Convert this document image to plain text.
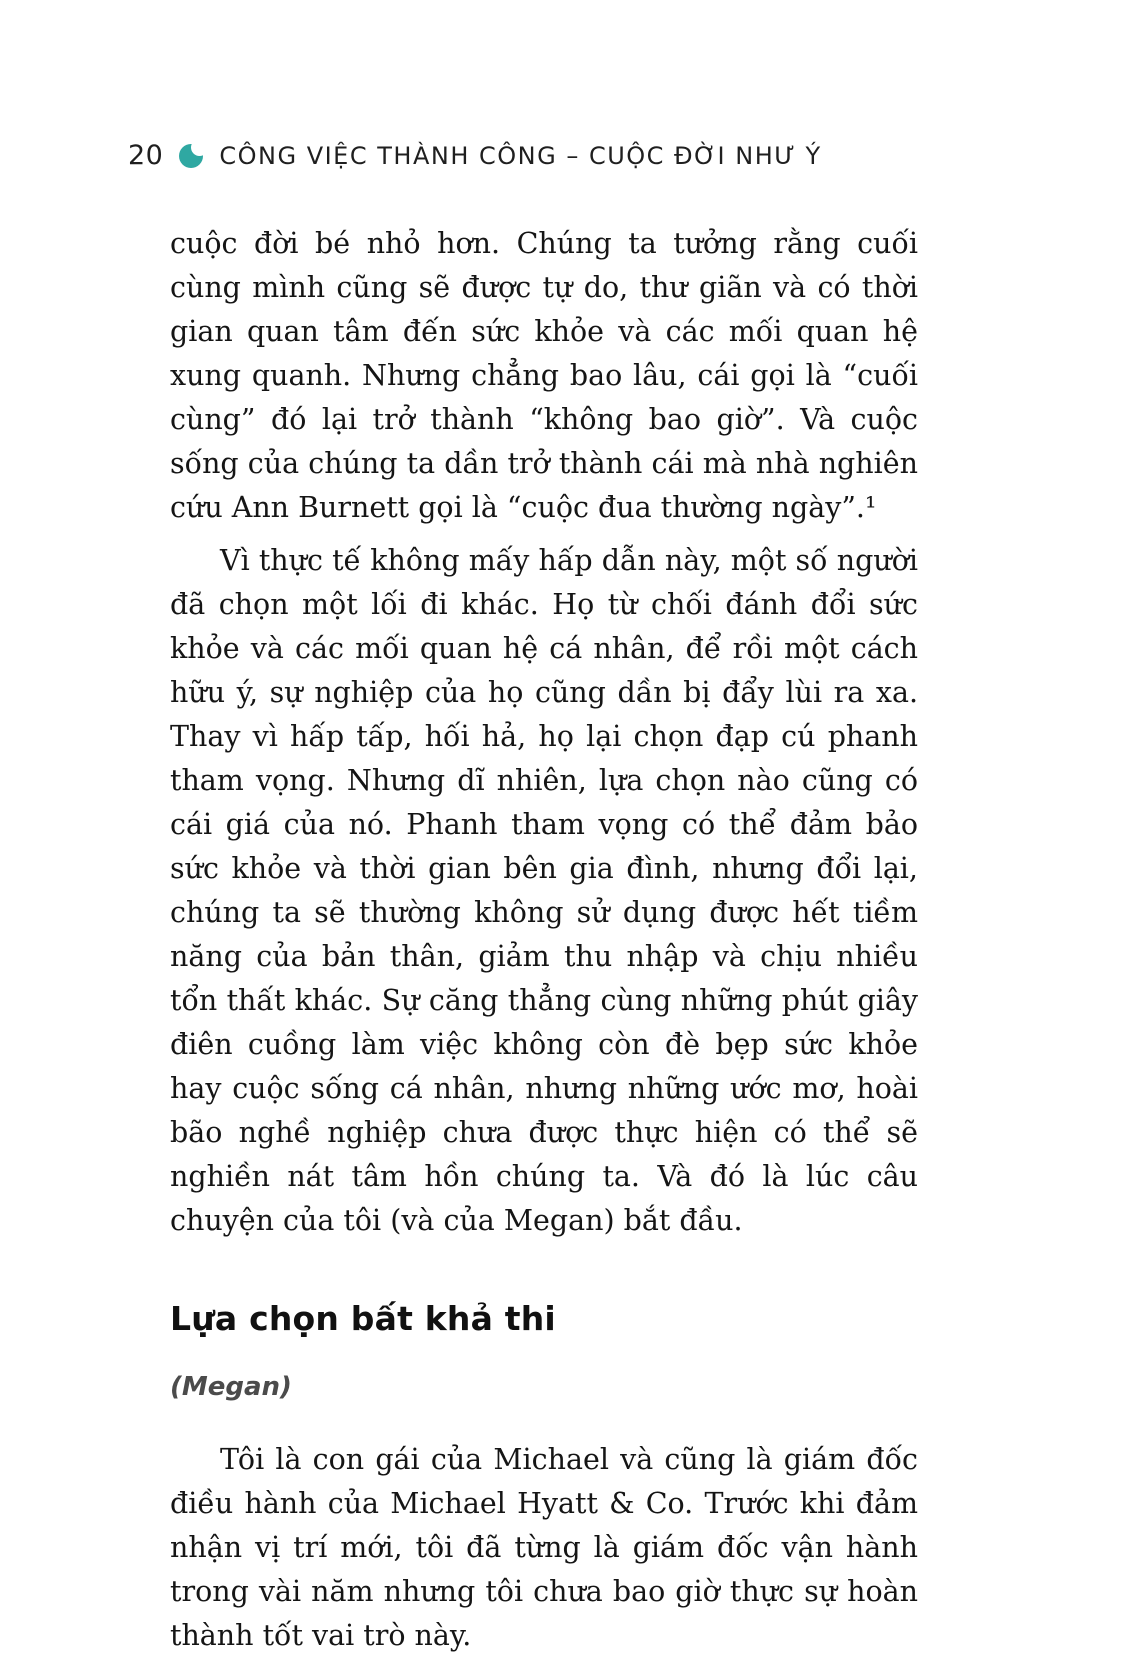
20 CÔNG VIỆC THÀNH CÔNG – CUỘC ĐỜI NHƯ Ý

cuộc đời bé nhỏ hơn. Chúng ta tưởng rằng cuối cùng mình cũng sẽ được tự do, thư giãn và có thời gian quan tâm đến sức khỏe và các mối quan hệ xung quanh. Nhưng chẳng bao lâu, cái gọi là “cuối cùng” đó lại trở thành “không bao giờ”. Và cuộc sống của chúng ta dần trở thành cái mà nhà nghiên cứu Ann Burnett gọi là “cuộc đua thường ngày”.¹

Vì thực tế không mấy hấp dẫn này, một số người đã chọn một lối đi khác. Họ từ chối đánh đổi sức khỏe và các mối quan hệ cá nhân, để rồi một cách hữu ý, sự nghiệp của họ cũng dần bị đẩy lùi ra xa. Thay vì hấp tấp, hối hả, họ lại chọn đạp cú phanh tham vọng. Nhưng dĩ nhiên, lựa chọn nào cũng có cái giá của nó. Phanh tham vọng có thể đảm bảo sức khỏe và thời gian bên gia đình, nhưng đổi lại, chúng ta sẽ thường không sử dụng được hết tiềm năng của bản thân, giảm thu nhập và chịu nhiều tổn thất khác. Sự căng thẳng cùng những phút giây điên cuồng làm việc không còn đè bẹp sức khỏe hay cuộc sống cá nhân, nhưng những ước mơ, hoài bão nghề nghiệp chưa được thực hiện có thể sẽ nghiền nát tâm hồn chúng ta. Và đó là lúc câu chuyện của tôi (và của Megan) bắt đầu.

Lựa chọn bất khả thi
(Megan)

Tôi là con gái của Michael và cũng là giám đốc điều hành của Michael Hyatt & Co. Trước khi đảm nhận vị trí mới, tôi đã từng là giám đốc vận hành trong vài năm nhưng tôi chưa bao giờ thực sự hoàn thành tốt vai trò này.
